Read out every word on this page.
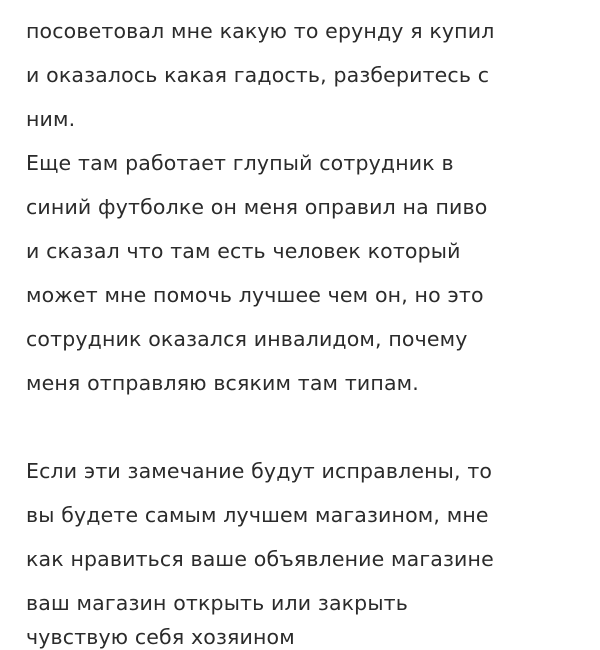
посоветовал мне какую то ерунду я купил
и оказалось какая гадость, разберитесь с
ним.
Еще там работает глупый сотрудник в
синий футболке он меня оправил на пиво
и сказал что там есть человек который
может мне помочь лучшее чем он, но это
сотрудник оказался инвалидом, почему
меня отправляю всяким там типам.
Если эти замечание будут исправлены, то
вы будете самым лучшем магазином, мне
как нравиться ваше объявление магазине
ваш магазин открыть или закрыть
чувствую себя хозяином
